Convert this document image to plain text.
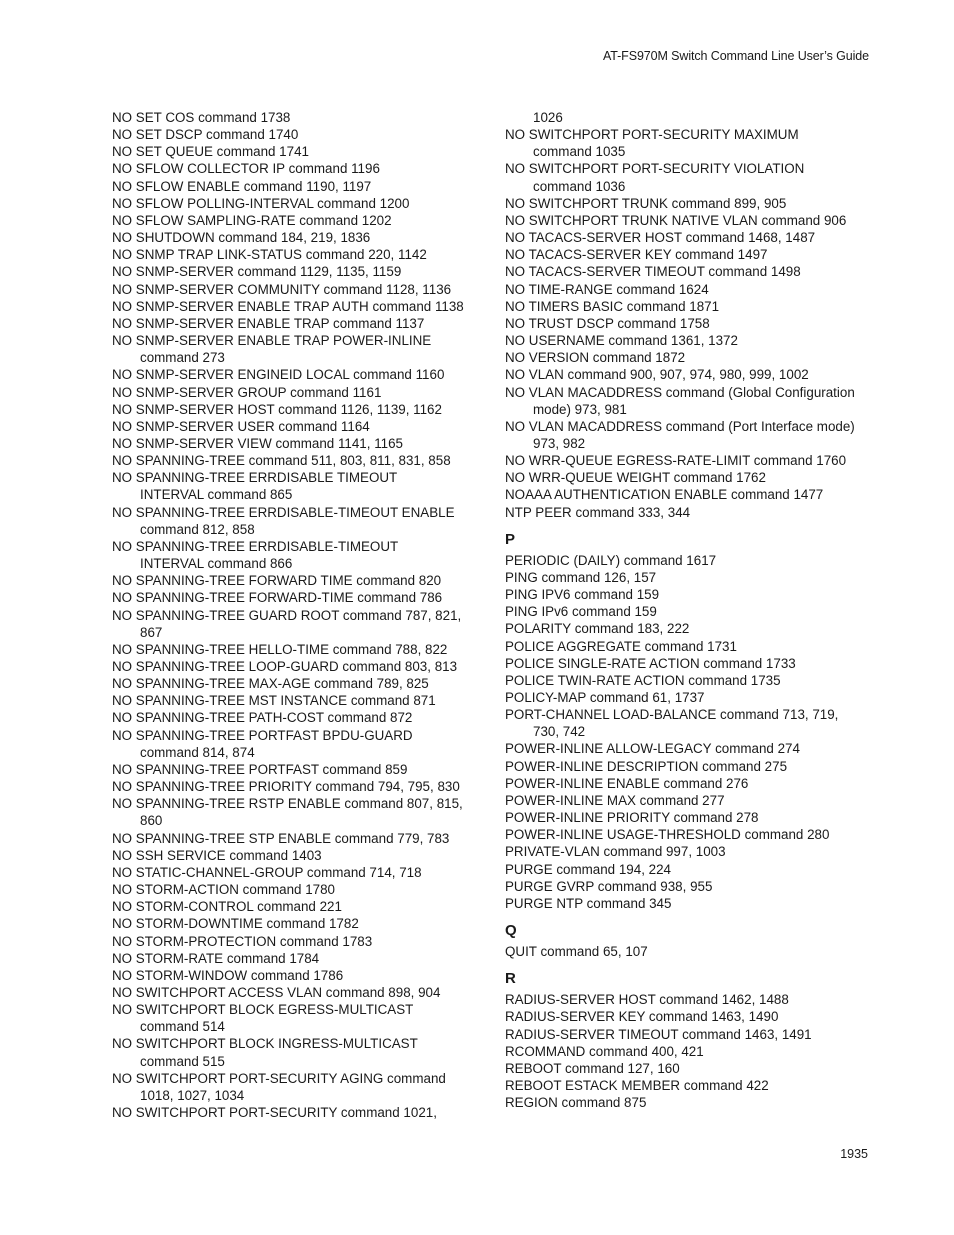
AT-FS970M Switch Command Line User’s Guide
NO SET COS command 1738
NO SET DSCP command 1740
NO SET QUEUE command 1741
NO SFLOW COLLECTOR IP command 1196
NO SFLOW ENABLE command 1190, 1197
NO SFLOW POLLING-INTERVAL command 1200
NO SFLOW SAMPLING-RATE command 1202
NO SHUTDOWN command 184, 219, 1836
NO SNMP TRAP LINK-STATUS command 220, 1142
NO SNMP-SERVER command 1129, 1135, 1159
NO SNMP-SERVER COMMUNITY command 1128, 1136
NO SNMP-SERVER ENABLE TRAP AUTH command 1138
NO SNMP-SERVER ENABLE TRAP command 1137
NO SNMP-SERVER ENABLE TRAP POWER-INLINE
command 273
NO SNMP-SERVER ENGINEID LOCAL command 1160
NO SNMP-SERVER GROUP command 1161
NO SNMP-SERVER HOST command 1126, 1139, 1162
NO SNMP-SERVER USER command 1164
NO SNMP-SERVER VIEW command 1141, 1165
NO SPANNING-TREE command 511, 803, 811, 831, 858
NO SPANNING-TREE ERRDISABLE TIMEOUT
INTERVAL command 865
NO SPANNING-TREE ERRDISABLE-TIMEOUT ENABLE
command 812, 858
NO SPANNING-TREE ERRDISABLE-TIMEOUT
INTERVAL command 866
NO SPANNING-TREE FORWARD TIME command 820
NO SPANNING-TREE FORWARD-TIME command 786
NO SPANNING-TREE GUARD ROOT command 787, 821,
867
NO SPANNING-TREE HELLO-TIME command 788, 822
NO SPANNING-TREE LOOP-GUARD command 803, 813
NO SPANNING-TREE MAX-AGE command 789, 825
NO SPANNING-TREE MST INSTANCE command 871
NO SPANNING-TREE PATH-COST command 872
NO SPANNING-TREE PORTFAST BPDU-GUARD
command 814, 874
NO SPANNING-TREE PORTFAST command 859
NO SPANNING-TREE PRIORITY command 794, 795, 830
NO SPANNING-TREE RSTP ENABLE command 807, 815,
860
NO SPANNING-TREE STP ENABLE command 779, 783
NO SSH SERVICE command 1403
NO STATIC-CHANNEL-GROUP command 714, 718
NO STORM-ACTION command 1780
NO STORM-CONTROL command 221
NO STORM-DOWNTIME command 1782
NO STORM-PROTECTION command 1783
NO STORM-RATE command 1784
NO STORM-WINDOW command 1786
NO SWITCHPORT ACCESS VLAN command 898, 904
NO SWITCHPORT BLOCK EGRESS-MULTICAST
command 514
NO SWITCHPORT BLOCK INGRESS-MULTICAST
command 515
NO SWITCHPORT PORT-SECURITY AGING command
1018, 1027, 1034
NO SWITCHPORT PORT-SECURITY command 1021,
1026
NO SWITCHPORT PORT-SECURITY MAXIMUM
command 1035
NO SWITCHPORT PORT-SECURITY VIOLATION
command 1036
NO SWITCHPORT TRUNK command 899, 905
NO SWITCHPORT TRUNK NATIVE VLAN command 906
NO TACACS-SERVER HOST command 1468, 1487
NO TACACS-SERVER KEY command 1497
NO TACACS-SERVER TIMEOUT command 1498
NO TIME-RANGE command 1624
NO TIMERS BASIC command 1871
NO TRUST DSCP command 1758
NO USERNAME command 1361, 1372
NO VERSION command 1872
NO VLAN command 900, 907, 974, 980, 999, 1002
NO VLAN MACADDRESS command (Global Configuration
mode) 973, 981
NO VLAN MACADDRESS command (Port Interface mode)
973, 982
NO WRR-QUEUE EGRESS-RATE-LIMIT command 1760
NO WRR-QUEUE WEIGHT command 1762
NOAAA AUTHENTICATION ENABLE command 1477
NTP PEER command 333, 344
P
PERIODIC (DAILY) command 1617
PING command 126, 157
PING IPV6 command 159
PING IPv6 command 159
POLARITY command 183, 222
POLICE AGGREGATE command 1731
POLICE SINGLE-RATE ACTION command 1733
POLICE TWIN-RATE ACTION command 1735
POLICY-MAP command 61, 1737
PORT-CHANNEL LOAD-BALANCE command 713, 719,
730, 742
POWER-INLINE ALLOW-LEGACY command 274
POWER-INLINE DESCRIPTION command 275
POWER-INLINE ENABLE command 276
POWER-INLINE MAX command 277
POWER-INLINE PRIORITY command 278
POWER-INLINE USAGE-THRESHOLD command 280
PRIVATE-VLAN command 997, 1003
PURGE command 194, 224
PURGE GVRP command 938, 955
PURGE NTP command 345
Q
QUIT command 65, 107
R
RADIUS-SERVER HOST command 1462, 1488
RADIUS-SERVER KEY command 1463, 1490
RADIUS-SERVER TIMEOUT command 1463, 1491
RCOMMAND command 400, 421
REBOOT command 127, 160
REBOOT ESTACK MEMBER command 422
REGION command 875
1935
